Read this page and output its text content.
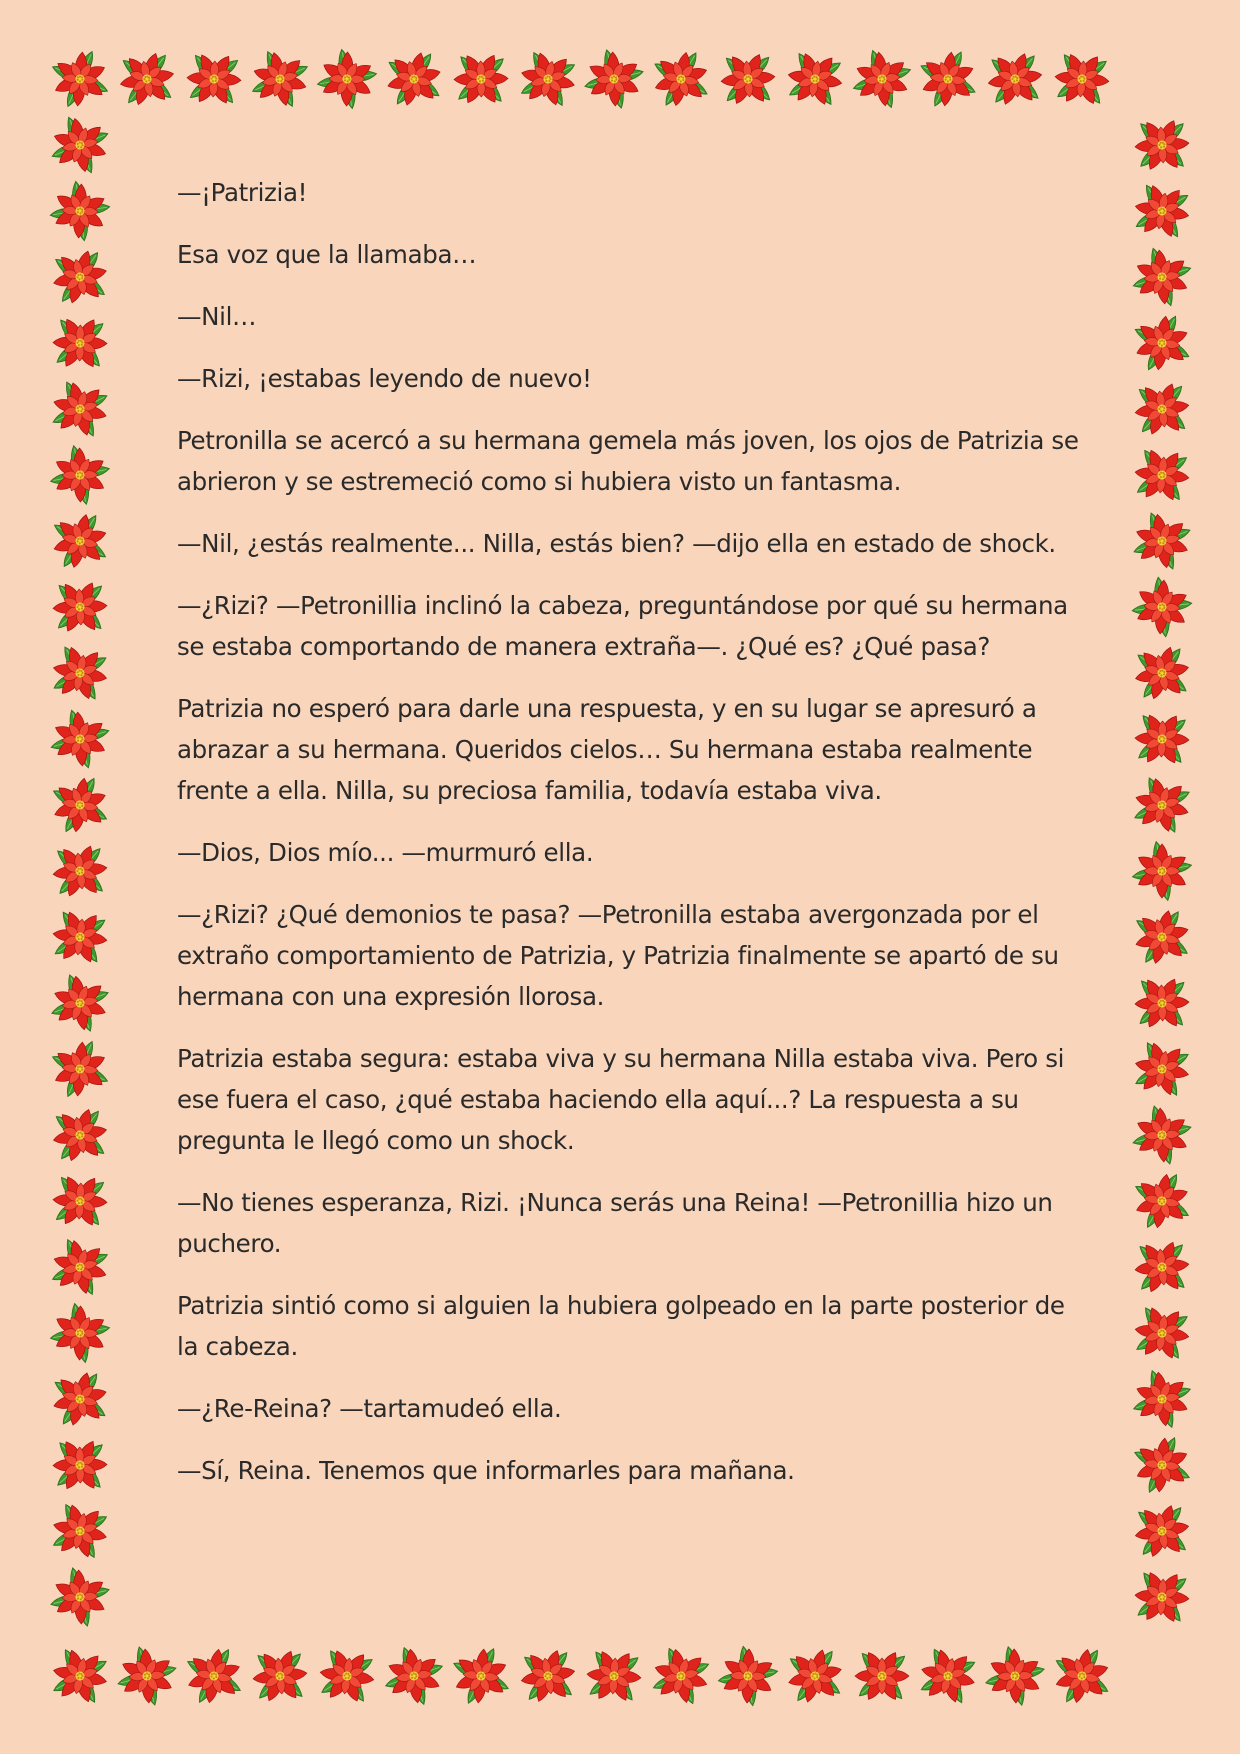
—¡Patrizia!

Esa voz que la llamaba…

—Nil…

—Rizi, ¡estabas leyendo de nuevo!

Petronilla se acercó a su hermana gemela más joven, los ojos de Patrizia se abrieron y se estremeció como si hubiera visto un fantasma.

—Nil, ¿estás realmente... Nilla, estás bien? —dijo ella en estado de shock.

—¿Rizi? —Petronillia inclinó la cabeza, preguntándose por qué su hermana se estaba comportando de manera extraña—. ¿Qué es? ¿Qué pasa?

Patrizia no esperó para darle una respuesta, y en su lugar se apresuró a abrazar a su hermana. Queridos cielos… Su hermana estaba realmente frente a ella. Nilla, su preciosa familia, todavía estaba viva.

—Dios, Dios mío... —murmuró ella.

—¿Rizi? ¿Qué demonios te pasa? —Petronilla estaba avergonzada por el extraño comportamiento de Patrizia, y Patrizia finalmente se apartó de su hermana con una expresión llorosa.

Patrizia estaba segura: estaba viva y su hermana Nilla estaba viva. Pero si ese fuera el caso, ¿qué estaba haciendo ella aquí...? La respuesta a su pregunta le llegó como un shock.

—No tienes esperanza, Rizi. ¡Nunca serás una Reina! —Petronillia hizo un puchero.

Patrizia sintió como si alguien la hubiera golpeado en la parte posterior de la cabeza.

—¿Re-Reina? —tartamudeó ella.

—Sí, Reina. Tenemos que informarles para mañana.
